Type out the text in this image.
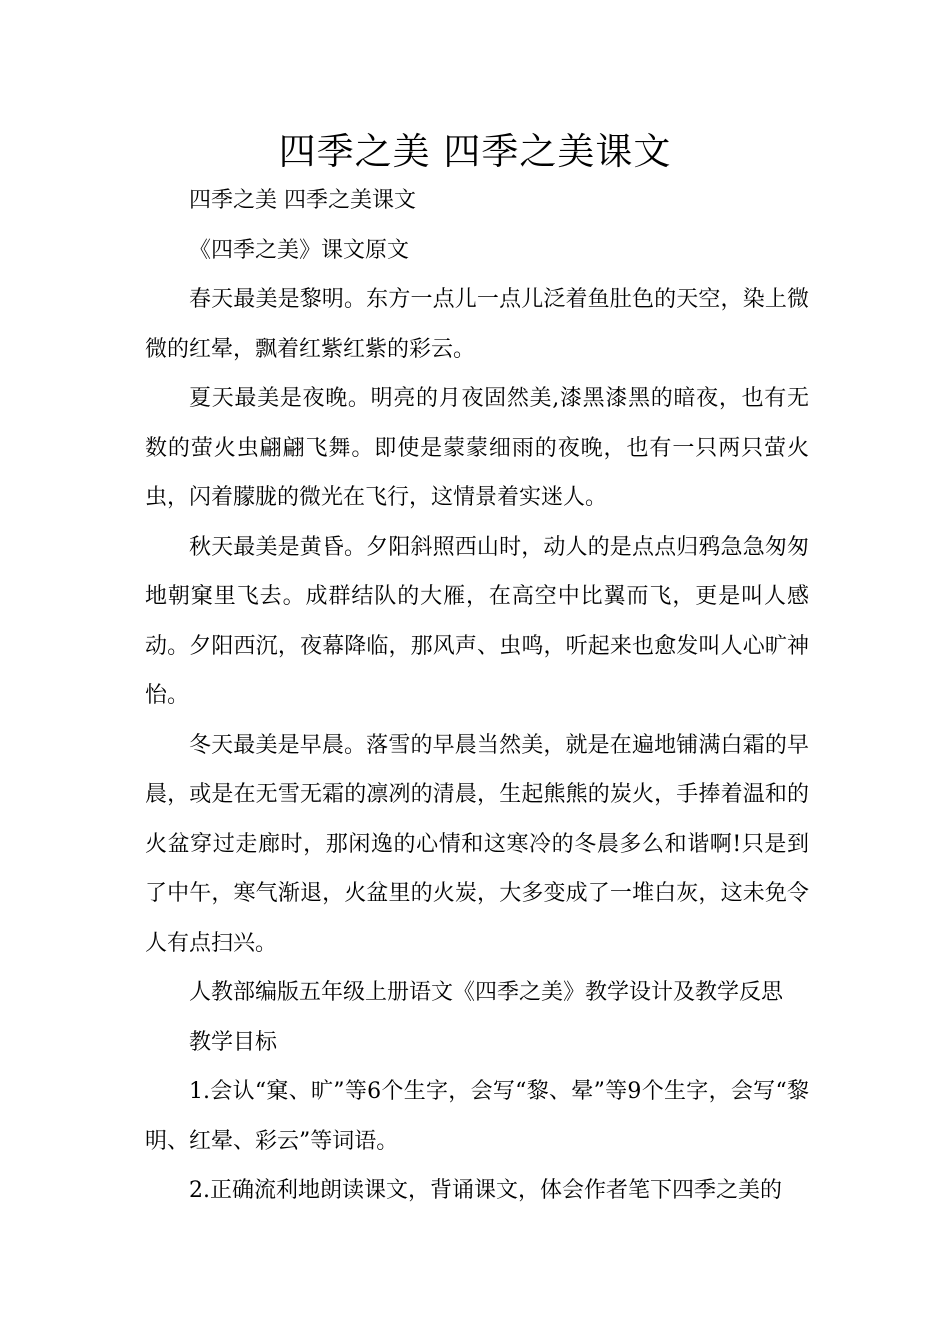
四季之美 四季之美课文

四季之美 四季之美课文

《四季之美》课文原文

春天最美是黎明。东方一点儿一点儿泛着鱼肚色的天空，染上微微的红晕，飘着红紫红紫的彩云。

夏天最美是夜晚。明亮的月夜固然美,漆黑漆黑的暗夜，也有无数的萤火虫翩翩飞舞。即使是蒙蒙细雨的夜晚，也有一只两只萤火虫，闪着朦胧的微光在飞行，这情景着实迷人。

秋天最美是黄昏。夕阳斜照西山时，动人的是点点归鸦急急匆匆地朝窠里飞去。成群结队的大雁，在高空中比翼而飞，更是叫人感动。夕阳西沉，夜幕降临，那风声、虫鸣，听起来也愈发叫人心旷神怡。

冬天最美是早晨。落雪的早晨当然美，就是在遍地铺满白霜的早晨，或是在无雪无霜的凛冽的清晨，生起熊熊的炭火，手捧着温和的火盆穿过走廊时，那闲逸的心情和这寒冷的冬晨多么和谐啊!只是到了中午，寒气渐退，火盆里的火炭，大多变成了一堆白灰，这未免令人有点扫兴。

人教部编版五年级上册语文《四季之美》教学设计及教学反思

教学目标

1.会认“窠、旷”等6个生字，会写“黎、晕”等9个生字，会写“黎明、红晕、彩云”等词语。

2.正确流利地朗读课文，背诵课文，体会作者笔下四季之美的
